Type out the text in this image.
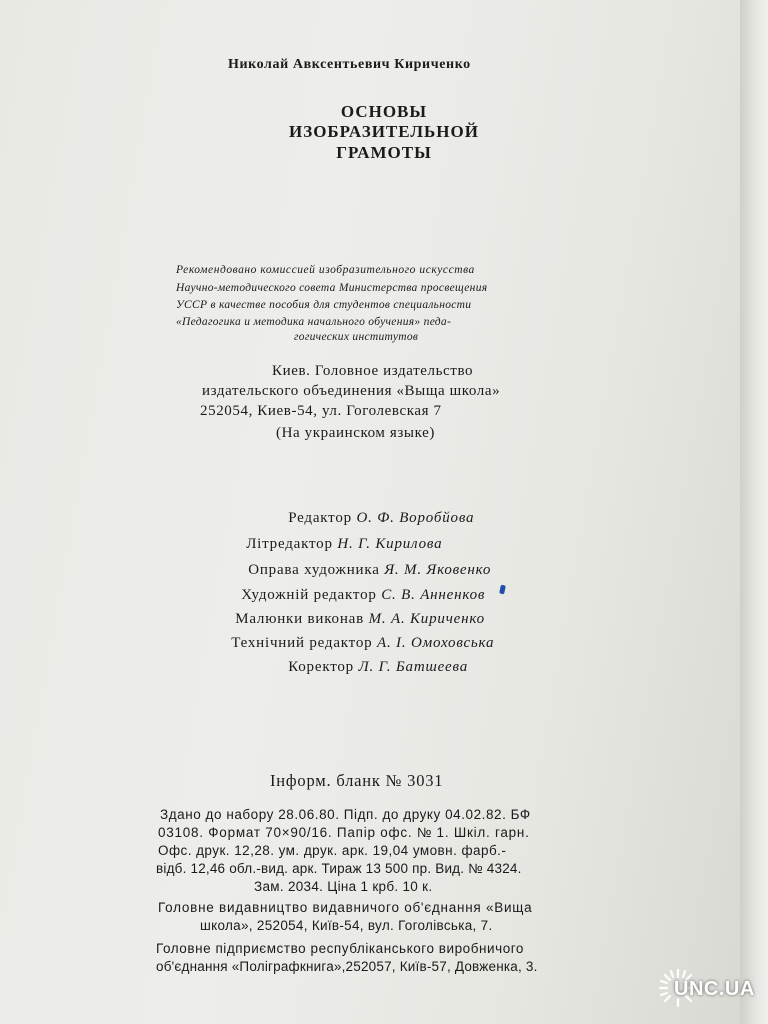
Николай Авксентьевич Кириченко
ОСНОВЫ
ИЗОБРАЗИТЕЛЬНОЙ
ГРАМОТЫ
Рекомендовано комиссией изобразительного искусства
Научно-методического совета Министерства просвещения
УССР в качестве пособия для студентов специальности
«Педагогика и методика начального обучения» педа-
гогических институтов
Киев. Головное издательство
издательского объединения «Выща школа»
252054, Киев-54, ул. Гоголевская 7
(На украинском языке)

Редактор О. Ф. Воробйова

Літредактор Н. Г. Кирилова

Оправа художника Я. М. Яковенко

Художній редактор С. В. Анненков

Малюнки виконав М. А. Кириченко

Технічний редактор А. І. Омоховська

Коректор Л. Г. Батшеева

Інформ. бланк № 3031
Здано до набору 28.06.80. Підп. до друку 04.02.82. БФ
03108. Формат 70×90/16. Папір офс. № 1. Шкіл. гарн.
Офс. друк. 12,28. ум. друк. арк. 19,04 умовн. фарб.-
відб. 12,46 обл.-вид. арк. Тираж 13 500 пр. Вид. № 4324.
Зам. 2034. Ціна 1 крб. 10 к.
Головне видавництво видавничого об'єднання «Вища
школа», 252054, Київ-54, вул. Гоголівська, 7.
Головне підприємство республіканського виробничого
об'єднання «Поліграфкнига»,252057, Київ-57, Довженка, 3.
UNC.UA
